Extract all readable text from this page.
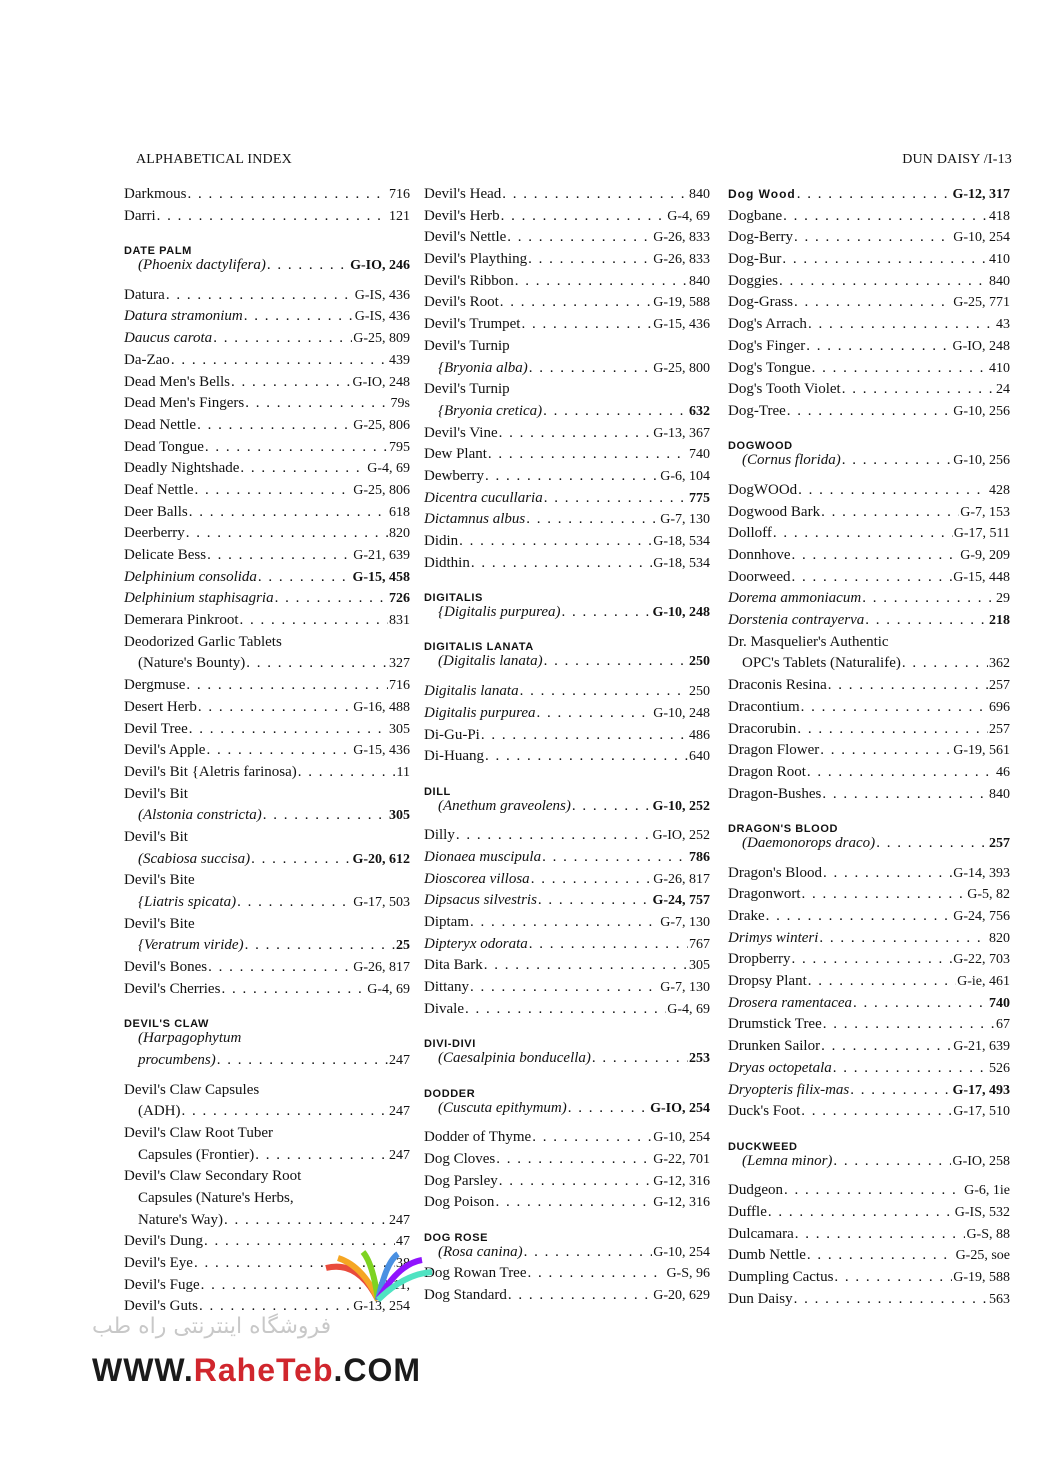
ALPHABETICAL INDEX	DUN DAISY /I-13
Darkmous . . .	716
Darri . . .	121
DATE PALM
(Phoenix dactylifera) . . .	G-IO, 246
Datura . . .	G-IS, 436
Datura stramonium . . .	G-IS, 436
Daucus carota . . .	G-25, 809
Da-Zao . . .	439
Dead Men's Bells . . .	G-IO, 248
Dead Men's Fingers . . .	79s
Dead Nettle . . .	G-25, 806
Dead Tongue . . .	795
Deadly Nightshade . . .	G-4, 69
Deaf Nettle . . .	G-25, 806
Deer Balls . . .	618
Deerberry . . .	820
Delicate Bess . . .	G-21, 639
Delphinium consolida . . .	G-15, 458
Delphinium staphisagria . . .	726
Demerara Pinkroot . . .	831
Deodorized Garlic Tablets
(Nature's Bounty) . . .	327
Dergmuse . . .	716
Desert Herb . . .	G-16, 488
Devil Tree . . .	305
Devil's Apple . . .	G-15, 436
Devil's Bit {Aletris farinosa) . . .	11
Devil's Bit
(Alstonia constricta) . . .	305
Devil's Bit
(Scabiosa succisa) . . .	G-20, 612
Devil's Bite
{Liatris spicata) . . .	G-17, 503
Devil's Bite
{Veratrum viride) . . .	25
Devil's Bones . . .	G-26, 817
Devil's Cherries . . .	G-4, 69
DEVIL'S CLAW
(Harpagophytum
procumbens) . . .	247
Devil's Claw Capsules
(ADH) . . .	247
Devil's Claw Root Tuber
Capsules (Frontier) . . .	247
Devil's Claw Secondary Root
Capsules (Nature's Herbs,
Nature's Way) . . .	247
Devil's Dung . . .	47
Devil's Eye . . .	38
Devil's Fuge . . .	G-11,
Devil's Guts . . .	G-13, 254
Devil's Head . . .	840
Devil's Herb . . .	G-4, 69
Devil's Nettle . . .	G-26, 833
Devil's Plaything . . .	G-26, 833
Devil's Ribbon . . .	840
Devil's Root . . .	G-19, 588
Devil's Trumpet . . .	G-15, 436
Devil's Turnip
{Bryonia alba) . . .	G-25, 800
Devil's Turnip
{Bryonia cretica) . . .	632
Devil's Vine . . .	G-13, 367
Dew Plant . . .	740
Dewberry . . .	G-6, 104
Dicentra cucullaria . . .	775
Dictamnus albus . . .	G-7, 130
Didin . . .	G-18, 534
Didthin . . .	G-18, 534
DIGITALIS
{Digitalis purpurea) . . .	G-10, 248
DIGITALIS LANATA
(Digitalis lanata) . . .	250
Digitalis lanata . . .	250
Digitalis purpurea . . .	G-10, 248
Di-Gu-Pi . . .	486
Di-Huang . . .	640
DILL
(Anethum graveolens) . . .	G-10, 252
Dilly . . .	G-IO, 252
Dionaea muscipula . . .	786
Dioscorea villosa . . .	G-26, 817
Dipsacus silvestris . . .	G-24, 757
Diptam . . .	G-7, 130
Dipteryx odorata . . .	767
Dita Bark . . .	305
Dittany . . .	G-7, 130
Divale . . .	G-4, 69
DIVI-DIVI
(Caesalpinia bonducella) . . .	253
DODDER
(Cuscuta epithymum) . . .	G-IO, 254
Dodder of Thyme . . .	G-10, 254
Dog Cloves . . .	G-22, 701
Dog Parsley . . .	G-12, 316
Dog Poison . . .	G-12, 316
DOG ROSE
(Rosa canina) . . .	G-10, 254
Dog Rowan Tree . . .	G-S, 96
Dog Standard . . .	G-20, 629
Dog Wood . . .	G-12, 317
Dogbane . . .	418
Dog-Berry . . .	G-10, 254
Dog-Bur . . .	410
Doggies . . .	840
Dog-Grass . . .	G-25, 771
Dog's Arrach . . .	43
Dog's Finger . . .	G-IO, 248
Dog's Tongue . . .	410
Dog's Tooth Violet . . .	24
Dog-Tree . . .	G-10, 256
DOGWOOD
(Cornus florida) . . .	G-10, 256
DogWOOd . . .	428
Dogwood Bark . . .	G-7, 153
Dolloff . . .	G-17, 511
Donnhove . . .	G-9, 209
Doorweed . . .	G-15, 448
Dorema ammoniacum . . .	29
Dorstenia contrayerva . . .	218
Dr. Masquelier's Authentic
OPC's Tablets (Naturalife) . . .	362
Draconis Resina . . .	257
Dracontium . . .	696
Dracorubin . . .	257
Dragon Flower . . .	G-19, 561
Dragon Root . . .	46
Dragon-Bushes . . .	840
DRAGON'S BLOOD
(Daemonorops draco) . . .	257
Dragon's Blood . . .	G-14, 393
Dragonwort . . .	G-5, 82
Drake . . .	G-24, 756
Drimys winteri . . .	820
Dropberry . . .	G-22, 703
Dropsy Plant . . .	G-ie, 461
Drosera ramentacea . . .	740
Drumstick Tree . . .	67
Drunken Sailor . . .	G-21, 639
Dryas octopetala . . .	526
Dryopteris filix-mas . . .	G-17, 493
Duck's Foot . . .	G-17, 510
DUCKWEED
(Lemna minor) . . .	G-IO, 258
Dudgeon . . .	G-6, 1ie
Duffle . . .	G-IS, 532
Dulcamara . . .	G-S, 88
Dumb Nettle . . .	G-25, soe
Dumpling Cactus . . .	G-19, 588
Dun Daisy . . .	563
فروشگاه اینترنتی راه طب
WWW.RaheTeb.COM
